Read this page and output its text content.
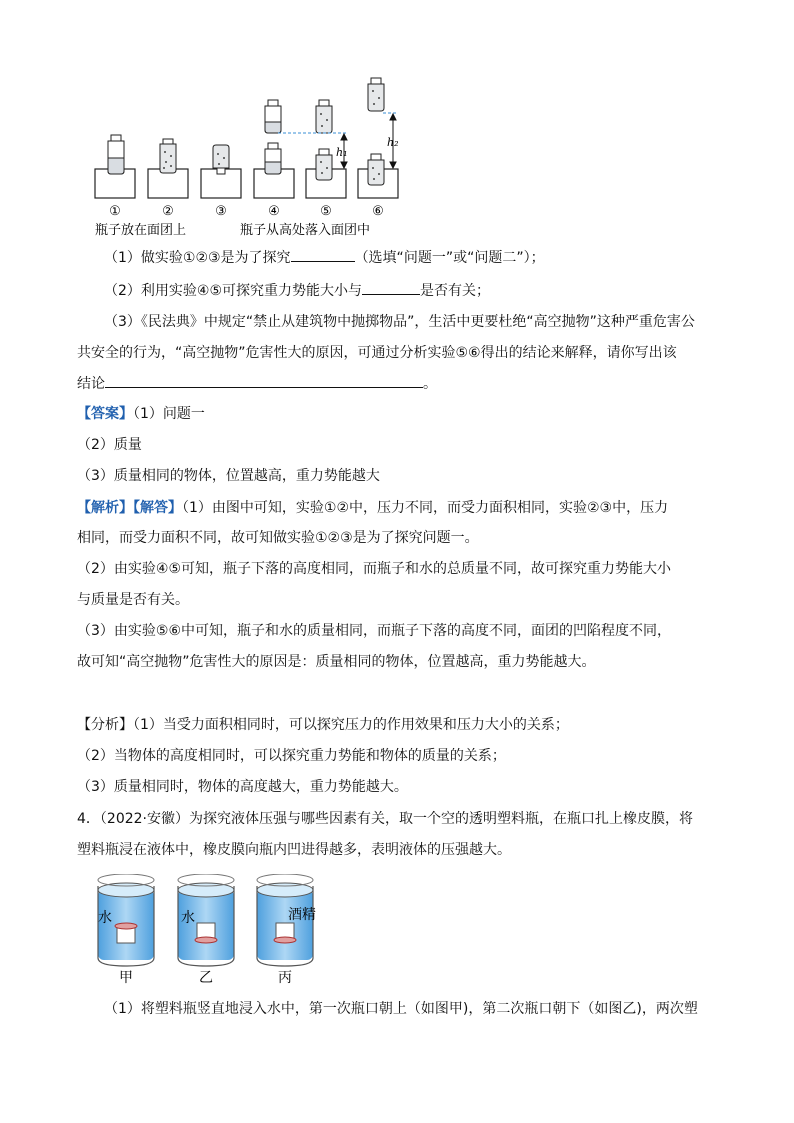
h₁
h₂
①	②	③	④	⑤	⑥
瓶子放在面团上	瓶子从高处落入面团中
（1）做实验①②③是为了探究	（选填“问题一”或“问题二”）；
（2）利用实验④⑤可探究重力势能大小与	是否有关；
（3）《民法典》中规定“禁止从建筑物中抛掷物品”，生活中更要杜绝“高空抛物”这种严重危害公
共安全的行为，“高空抛物”危害性大的原因，可通过分析实验⑤⑥得出的结论来解释，请你写出该
结论	。
【答案】（1）问题一
（2）质量
（3）质量相同的物体，位置越高，重力势能越大
【解析】【解答】（1）由图中可知，实验①②中，压力不同，而受力面积相同，实验②③中，压力
相同，而受力面积不同，故可知做实验①②③是为了探究问题一。
（2）由实验④⑤可知，瓶子下落的高度相同，而瓶子和水的总质量不同，故可探究重力势能大小
与质量是否有关。
（3）由实验⑤⑥中可知，瓶子和水的质量相同，而瓶子下落的高度不同，面团的凹陷程度不同，
故可知“高空抛物”危害性大的原因是：质量相同的物体，位置越高，重力势能越大。
【分析】（1）当受力面积相同时，可以探究压力的作用效果和压力大小的关系；
（2）当物体的高度相同时，可以探究重力势能和物体的质量的关系；
（3）质量相同时，物体的高度越大，重力势能越大。
4．（2022·安徽）为探究液体压强与哪些因素有关，取一个空的透明塑料瓶，在瓶口扎上橡皮膜，将
塑料瓶浸在液体中，橡皮膜向瓶内凹进得越多，表明液体的压强越大。
水	水	酒精
甲	乙	丙
（1）将塑料瓶竖直地浸入水中，第一次瓶口朝上（如图甲)，第二次瓶口朝下（如图乙)，两次塑
